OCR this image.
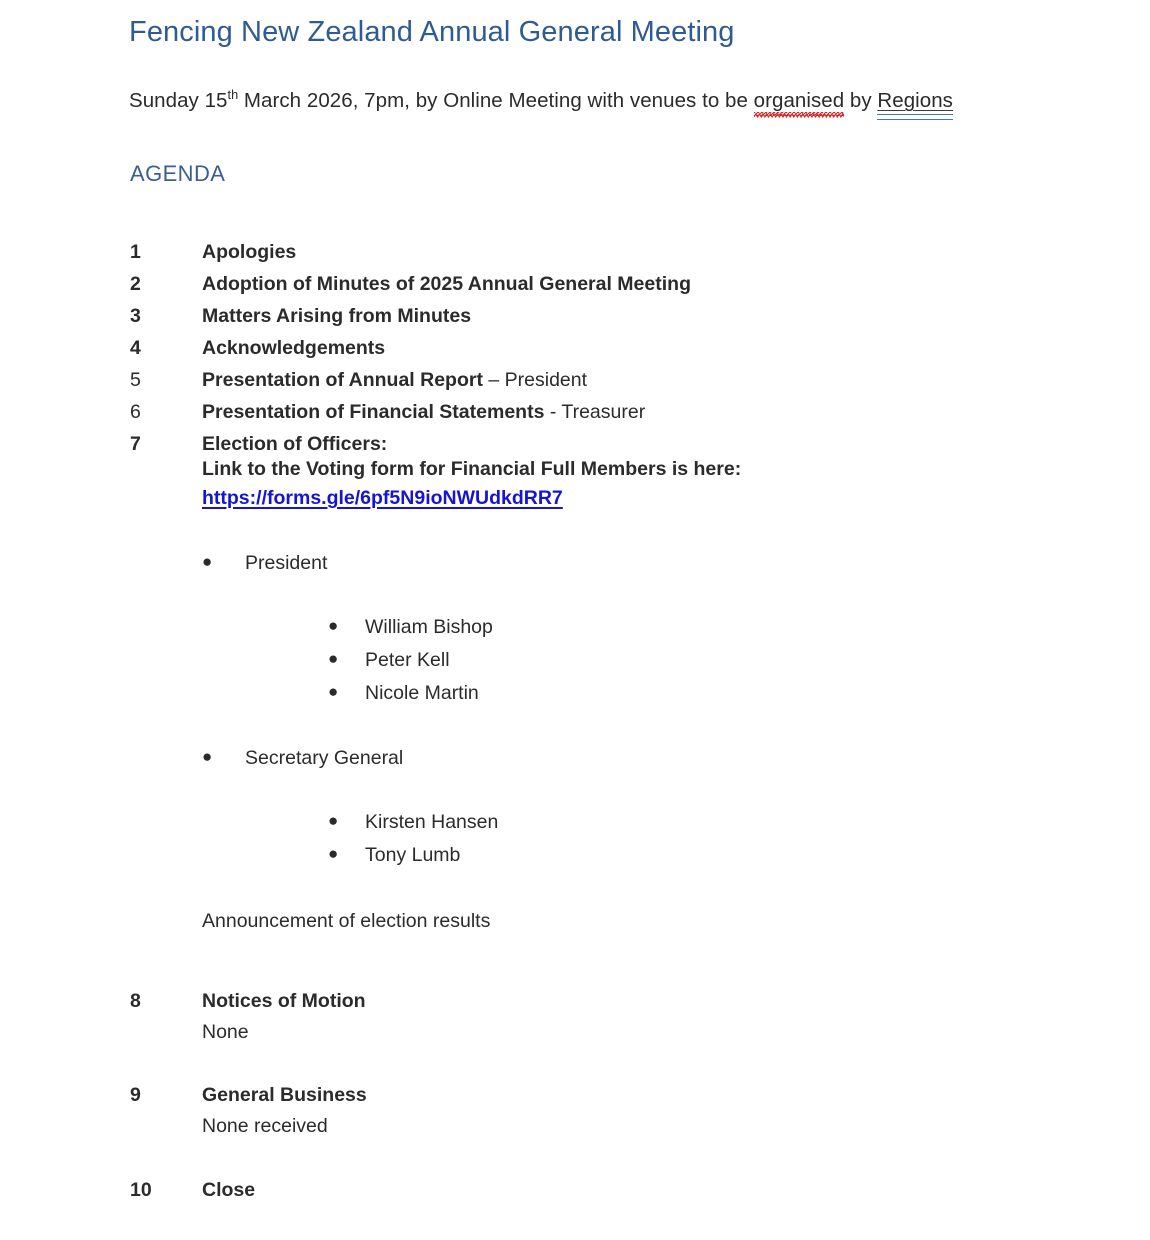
Fencing New Zealand Annual General Meeting
Sunday 15th March 2026, 7pm, by Online Meeting with venues to be organised
by Regions
AGENDA
1	Apologies
2	Adoption of Minutes of 2025 Annual General Meeting
3	Matters Arising from Minutes
4	Acknowledgements
5	Presentation of Annual Report – President
6	Presentation of Financial Statements - Treasurer
7	Election of Officers:
Link to the Voting form for Financial Full Members is here:
https://forms.gle/6pf5N9ioNWUdkdRR7
● President
● William Bishop
● Peter Kell
● Nicole Martin
● Secretary General
● Kirsten Hansen
● Tony Lumb
Announcement of election results
8	Notices of Motion
None
9	General Business
None received
10	Close
